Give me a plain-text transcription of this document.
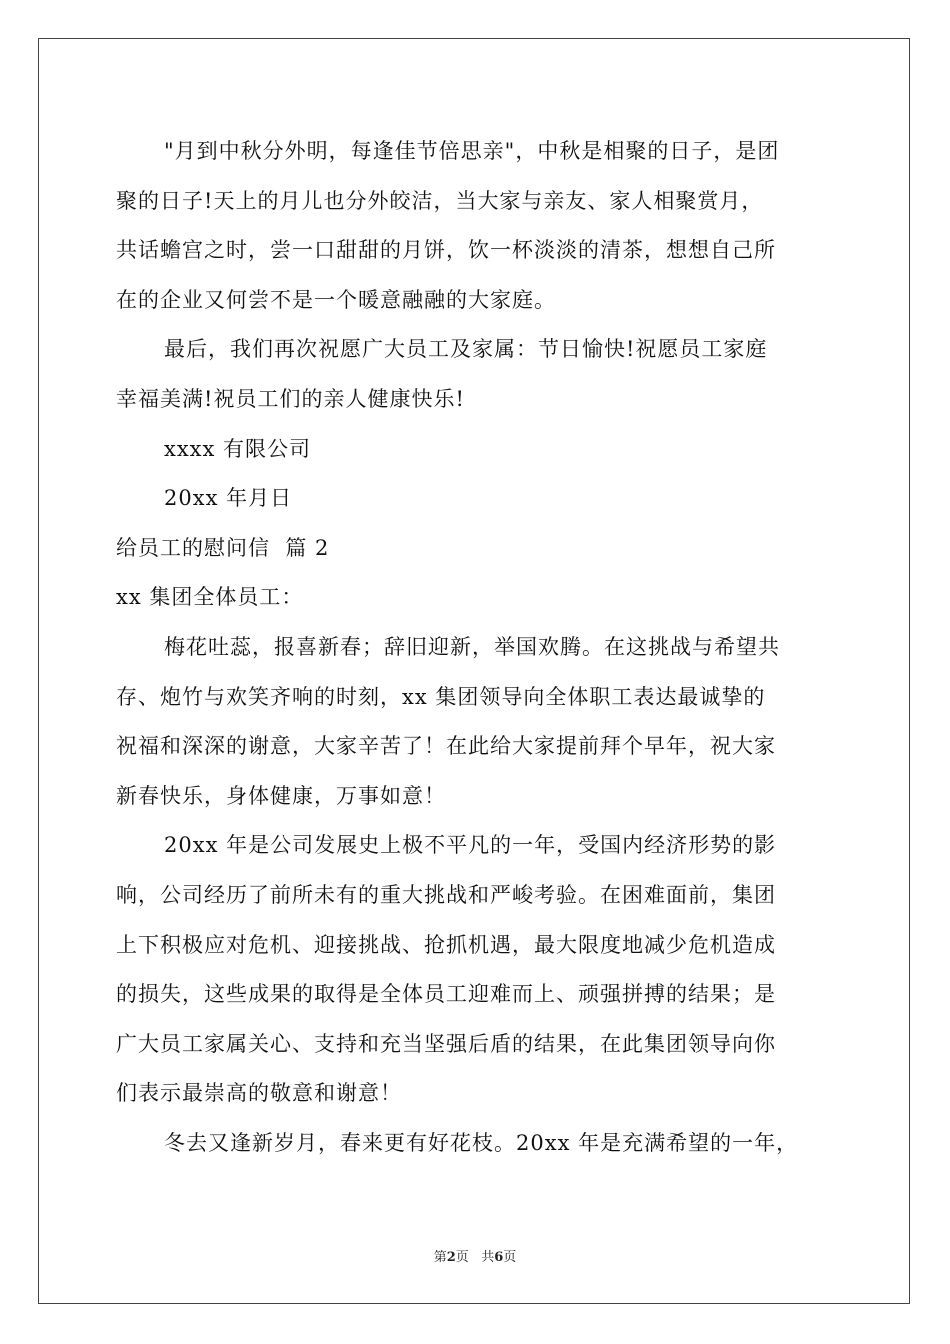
"月到中秋分外明，每逢佳节倍思亲"，中秋是相聚的日子，是团

聚的日子!天上的月儿也分外皎洁，当大家与亲友、家人相聚赏月，

共话蟾宫之时，尝一口甜甜的月饼，饮一杯淡淡的清茶，想想自己所

在的企业又何尝不是一个暖意融融的大家庭。

最后，我们再次祝愿广大员工及家属：节日愉快!祝愿员工家庭

幸福美满!祝员工们的亲人健康快乐!

xxxx 有限公司

20xx 年月日

给员工的慰问信  篇 2

xx 集团全体员工：

梅花吐蕊，报喜新春；辞旧迎新，举国欢腾。在这挑战与希望共

存、炮竹与欢笑齐响的时刻，xx 集团领导向全体职工表达最诚挚的

祝福和深深的谢意，大家辛苦了！在此给大家提前拜个早年，祝大家

新春快乐，身体健康，万事如意！

20xx 年是公司发展史上极不平凡的一年，受国内经济形势的影

响，公司经历了前所未有的重大挑战和严峻考验。在困难面前，集团

上下积极应对危机、迎接挑战、抢抓机遇，最大限度地减少危机造成

的损失，这些成果的取得是全体员工迎难而上、顽强拼搏的结果；是

广大员工家属关心、支持和充当坚强后盾的结果，在此集团领导向你

们表示最崇高的敬意和谢意！

冬去又逢新岁月，春来更有好花枝。20xx 年是充满希望的一年，

第2页   共6页
